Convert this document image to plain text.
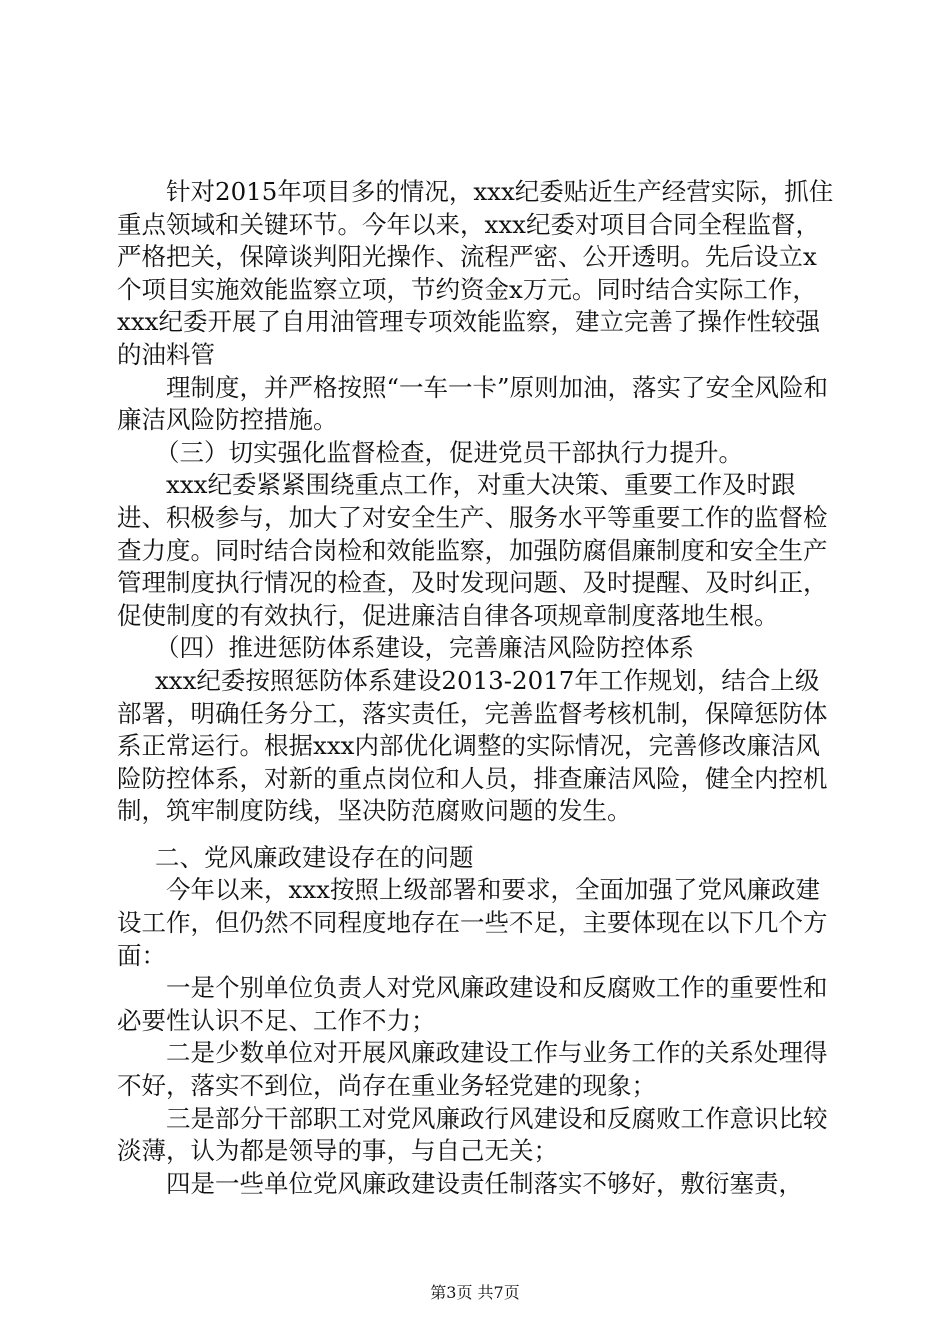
针对2015年项目多的情况，xxx纪委贴近生产经营实际，抓住重点领域和关键环节。今年以来，xxx纪委对项目合同全程监督，严格把关，保障谈判阳光操作、流程严密、公开透明。先后设立x个项目实施效能监察立项，节约资金x万元。同时结合实际工作，xxx纪委开展了自用油管理专项效能监察，建立完善了操作性较强的油料管

理制度，并严格按照“一车一卡”原则加油，落实了安全风险和廉洁风险防控措施。

（三）切实强化监督检查，促进党员干部执行力提升。

xxx纪委紧紧围绕重点工作，对重大决策、重要工作及时跟进、积极参与，加大了对安全生产、服务水平等重要工作的监督检查力度。同时结合岗检和效能监察，加强防腐倡廉制度和安全生产管理制度执行情况的检查，及时发现问题、及时提醒、及时纠正，促使制度的有效执行，促进廉洁自律各项规章制度落地生根。

（四）推进惩防体系建设，完善廉洁风险防控体系

xxx纪委按照惩防体系建设2013-2017年工作规划，结合上级部署，明确任务分工，落实责任，完善监督考核机制，保障惩防体系正常运行。根据xxx内部优化调整的实际情况，完善修改廉洁风险防控体系，对新的重点岗位和人员，排查廉洁风险，健全内控机制，筑牢制度防线，坚决防范腐败问题的发生。

二、党风廉政建设存在的问题

今年以来，xxx按照上级部署和要求，全面加强了党风廉政建设工作，但仍然不同程度地存在一些不足，主要体现在以下几个方面：

一是个别单位负责人对党风廉政建设和反腐败工作的重要性和必要性认识不足、工作不力；

二是少数单位对开展风廉政建设工作与业务工作的关系处理得不好，落实不到位，尚存在重业务轻党建的现象；

三是部分干部职工对党风廉政行风建设和反腐败工作意识比较淡薄，认为都是领导的事，与自己无关；

四是一些单位党风廉政建设责任制落实不够好，敷衍塞责，

第3页 共7页
